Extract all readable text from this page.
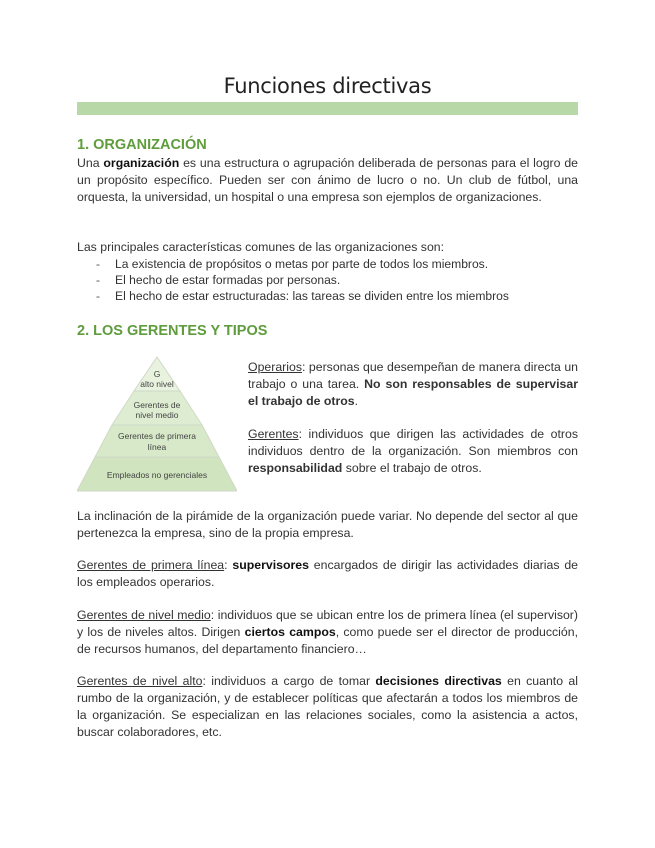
Funciones directivas
1. ORGANIZACIÓN

Una organización es una estructura o agrupación deliberada de personas para el logro de un propósito específico. Pueden ser con ánimo de lucro o no. Un club de fútbol, una orquesta, la universidad, un hospital o una empresa son ejemplos de organizaciones.

Las principales características comunes de las organizaciones son:

- La existencia de propósitos o metas por parte de todos los miembros.
- El hecho de estar formadas por personas.
- El hecho de estar estructuradas: las tareas se dividen entre los miembros
2. LOS GERENTES Y TIPOS
G
alto nivel
Gerentes de
nivel medio
Gerentes de primera
línea
Empleados no gerenciales

Operarios: personas que desempeñan de manera directa un trabajo o una tarea. No son responsables de supervisar el trabajo de otros.

Gerentes: individuos que dirigen las actividades de otros individuos dentro de la organización. Son miembros con responsabilidad sobre el trabajo de otros.

La inclinación de la pirámide de la organización puede variar. No depende del sector al que pertenezca la empresa, sino de la propia empresa.

Gerentes de primera línea: supervisores encargados de dirigir las actividades diarias de los empleados operarios.

Gerentes de nivel medio: individuos que se ubican entre los de primera línea (el supervisor) y los de niveles altos. Dirigen ciertos campos, como puede ser el director de producción, de recursos humanos, del departamento financiero…

Gerentes de nivel alto: individuos a cargo de tomar decisiones directivas en cuanto al rumbo de la organización, y de establecer políticas que afectarán a todos los miembros de la organización. Se especializan en las relaciones sociales, como la asistencia a actos, buscar colaboradores, etc.
